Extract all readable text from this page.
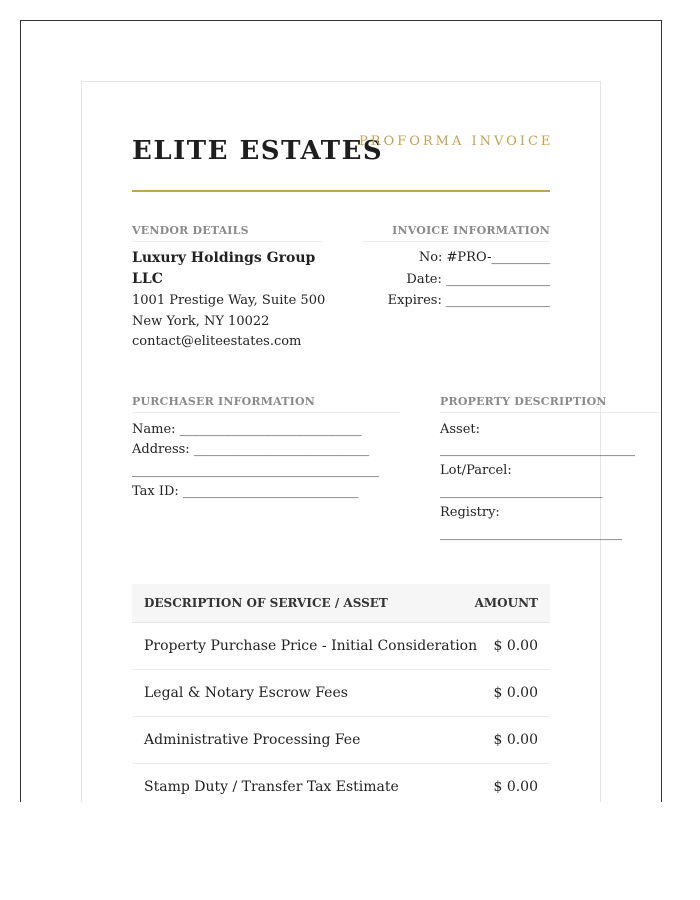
ELITE ESTATES
PROFORMA INVOICE
VENDOR DETAILS
Luxury Holdings Group
LLC
1001 Prestige Way, Suite 500
New York, NY 10022
contact@eliteestates.com
INVOICE INFORMATION
No: #PRO-_________
Date: ________________
Expires: ________________
PURCHASER INFORMATION
Name: ____________________________
Address: ___________________________
______________________________________
Tax ID: ___________________________
PROPERTY DESCRIPTION
Asset:
______________________________
Lot/Parcel:
_________________________
Registry:
____________________________
DESCRIPTION OF SERVICE / ASSET	AMOUNT
Property Purchase Price - Initial Consideration $ 0.00
Legal & Notary Escrow Fees	$ 0.00
Administrative Processing Fee	$ 0.00
Stamp Duty / Transfer Tax Estimate	$ 0.00
